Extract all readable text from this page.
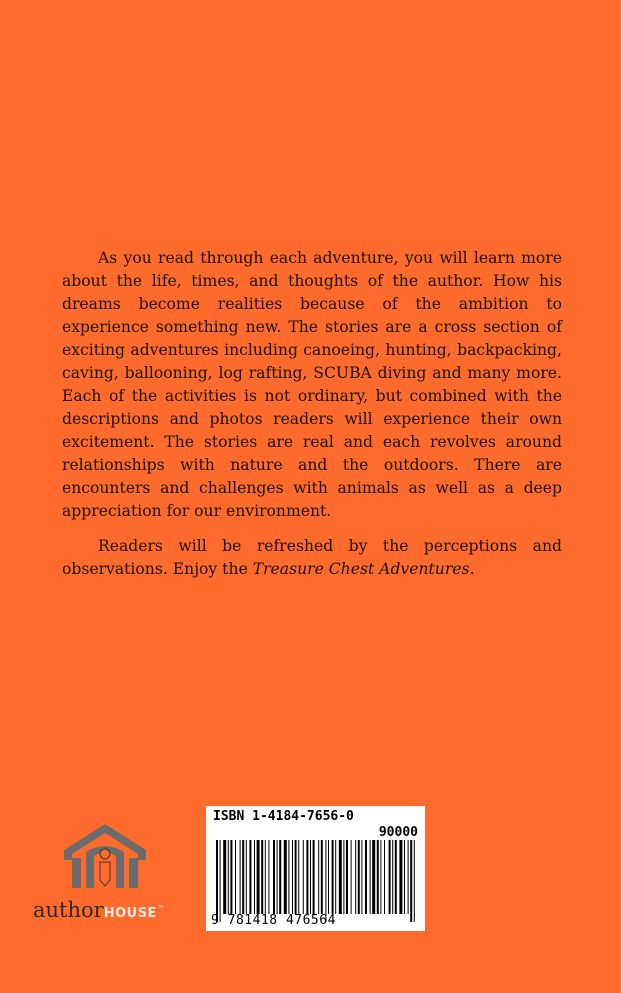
As you read through each adventure, you will learn more about the life, times, and thoughts of the author. How his dreams become realities because of the ambition to experience something new. The stories are a cross section of exciting adventures including canoeing, hunting, backpacking, caving, ballooning, log rafting, SCUBA diving and many more. Each of the activities is not ordinary, but combined with the descriptions and photos readers will experience their own excitement. The stories are real and each revolves around relationships with nature and the outdoors. There are encounters and challenges with animals as well as a deep appreciation for our environment.

Readers will be refreshed by the perceptions and observations. Enjoy the Treasure Chest Adventures.

authorHOUSE™
ISBN 1-4184-7656-0
90000
9 781418 476564
